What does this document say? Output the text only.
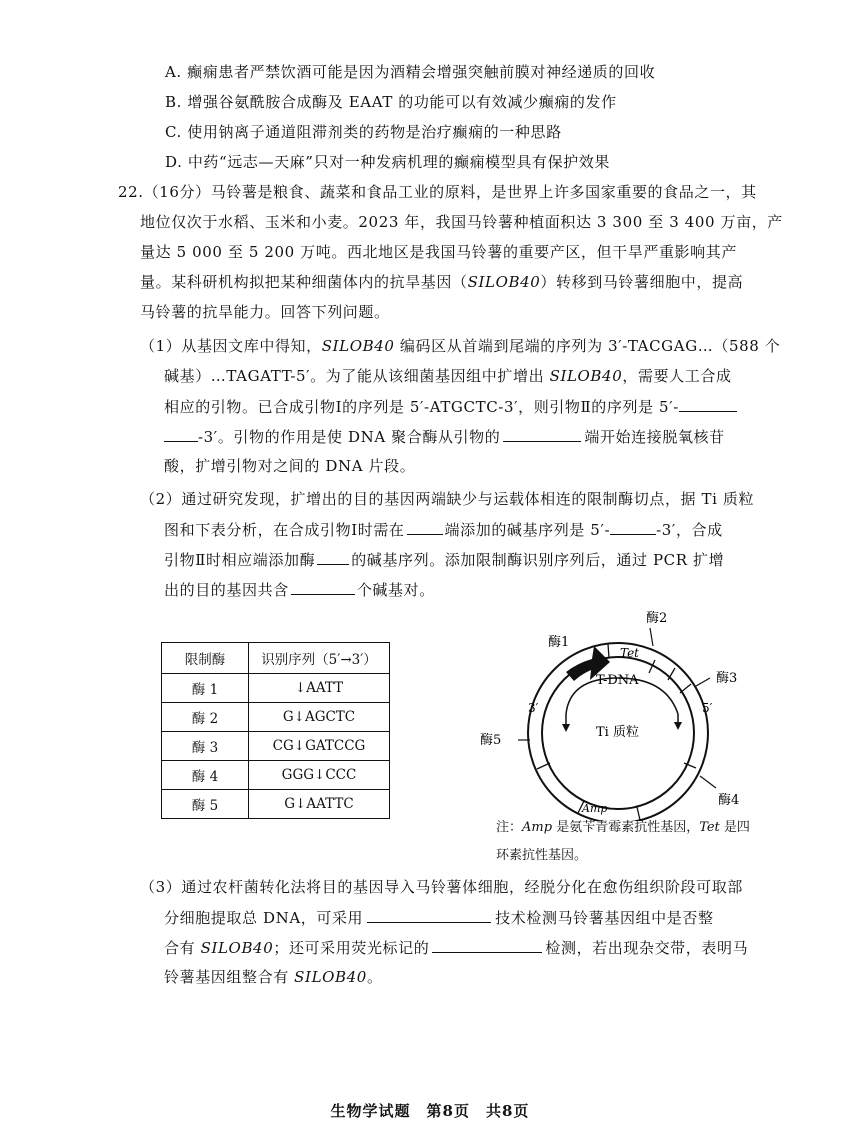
A. 癫痫患者严禁饮酒可能是因为酒精会增强突触前膜对神经递质的回收
B. 增强谷氨酰胺合成酶及 EAAT 的功能可以有效减少癫痫的发作
C. 使用钠离子通道阻滞剂类的药物是治疗癫痫的一种思路
D. 中药“远志—天麻”只对一种发病机理的癫痫模型具有保护效果
22.（16分）马铃薯是粮食、蔬菜和食品工业的原料，是世界上许多国家重要的食品之一，其
地位仅次于水稻、玉米和小麦。2023 年，我国马铃薯种植面积达 3 300 至 3 400 万亩，产
量达 5 000 至 5 200 万吨。西北地区是我国马铃薯的重要产区，但干旱严重影响其产
量。某科研机构拟把某种细菌体内的抗旱基因（SILOB40）转移到马铃薯细胞中，提高
马铃薯的抗旱能力。回答下列问题。
（1）从基因文库中得知，SILOB40 编码区从首端到尾端的序列为 3′-TACGAG…（588 个
碱基）…TAGATT-5′。为了能从该细菌基因组中扩增出 SILOB40，需要人工合成
相应的引物。已合成引物Ⅰ的序列是 5′-ATGCTC-3′，则引物Ⅱ的序列是 5′-
-3′。引物的作用是使 DNA 聚合酶从引物的	端开始连接脱氧核苷
酸，扩增引物对之间的 DNA 片段。
（2）通过研究发现，扩增出的目的基因两端缺少与运载体相连的限制酶切点，据 Ti 质粒
图和下表分析，在合成引物Ⅰ时需在	端添加的碱基序列是 5′-	-3′，合成
引物Ⅱ时相应端添加酶 的碱基序列。添加限制酶识别序列后，通过 PCR 扩增
出的目的基因共含	个碱基对。
限制酶	识别序列（5′→3′）
酶 1	↓AATT
酶 2	G↓AGCTC
酶 3	CG↓GATCCG
酶 4	GGG↓CCC
酶 5	G↓AATTC
酶1
酶2
酶3
酶4
酶5
Tet
Amp
T-DNA
Ti 质粒
3′	5′
注：Amp 是氨苄青霉素抗性基因，Tet 是四
环素抗性基因。
（3）通过农杆菌转化法将目的基因导入马铃薯体细胞，经脱分化在愈伤组织阶段可取部
分细胞提取总 DNA，可采用	技术检测马铃薯基因组中是否整
合有 SILOB40；还可采用荧光标记的	检测，若出现杂交带，表明马
铃薯基因组整合有 SILOB40。
生物学试题　第8页　共8页
